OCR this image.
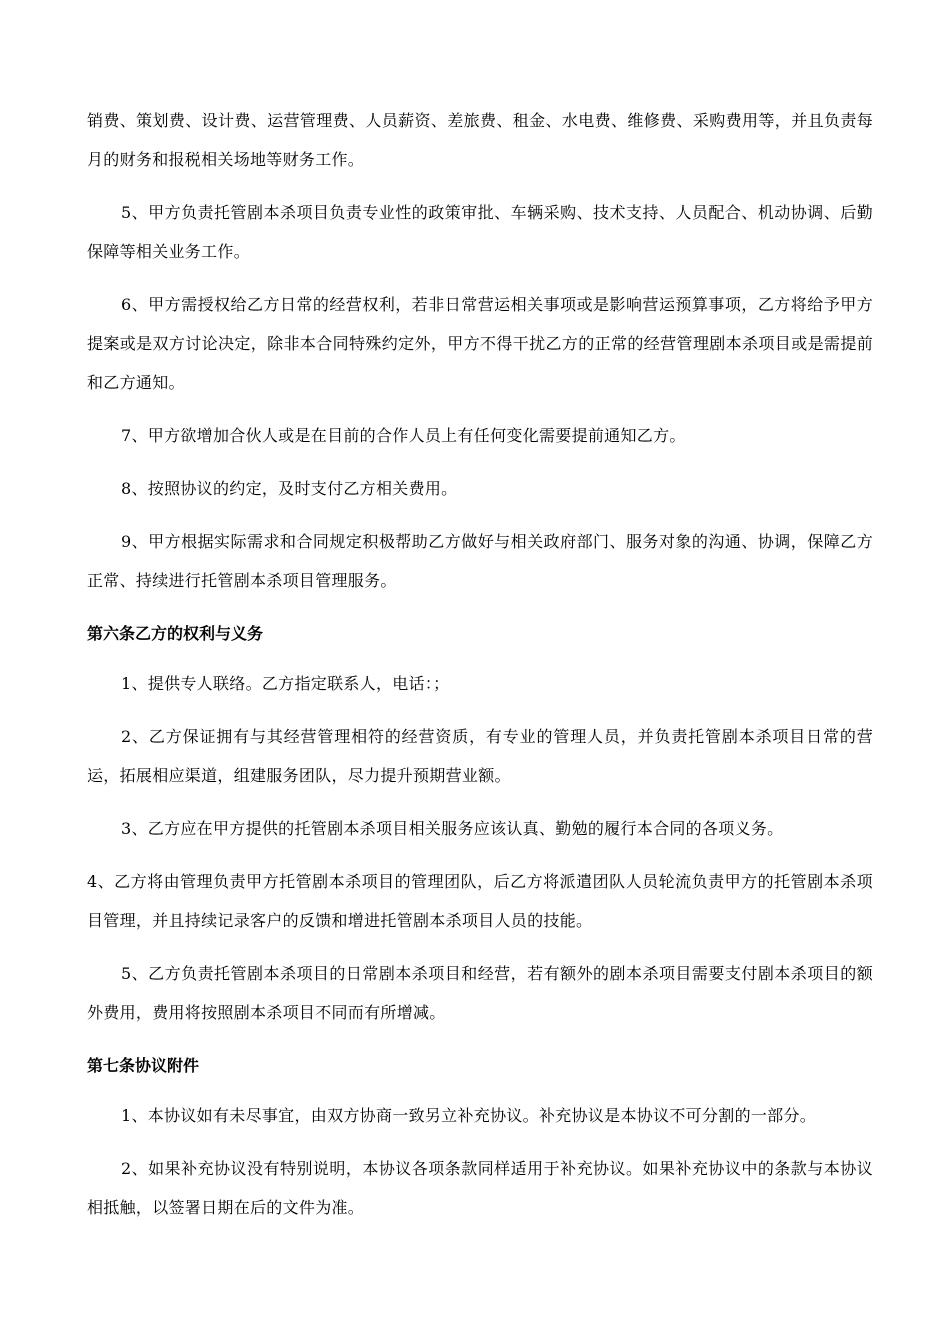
销费、策划费、设计费、运营管理费、人员薪资、差旅费、租金、水电费、维修费、采购费用等，并且负责每月的财务和报税相关场地等财务工作。

5、甲方负责托管剧本杀项目负责专业性的政策审批、车辆采购、技术支持、人员配合、机动协调、后勤保障等相关业务工作。

6、甲方需授权给乙方日常的经营权利，若非日常营运相关事项或是影响营运预算事项，乙方将给予甲方提案或是双方讨论决定，除非本合同特殊约定外，甲方不得干扰乙方的正常的经营管理剧本杀项目或是需提前和乙方通知。

7、甲方欲增加合伙人或是在目前的合作人员上有任何变化需要提前通知乙方。

8、按照协议的约定，及时支付乙方相关费用。

9、甲方根据实际需求和合同规定积极帮助乙方做好与相关政府部门、服务对象的沟通、协调，保障乙方正常、持续进行托管剧本杀项目管理服务。

第六条乙方的权利与义务

1、提供专人联络。乙方指定联系人，电话：；

2、乙方保证拥有与其经营管理相符的经营资质，有专业的管理人员，并负责托管剧本杀项目日常的营运，拓展相应渠道，组建服务团队，尽力提升预期营业额。

3、乙方应在甲方提供的托管剧本杀项目相关服务应该认真、勤勉的履行本合同的各项义务。

4、乙方将由管理负责甲方托管剧本杀项目的管理团队，后乙方将派遣团队人员轮流负责甲方的托管剧本杀项目管理，并且持续记录客户的反馈和增进托管剧本杀项目人员的技能。

5、乙方负责托管剧本杀项目的日常剧本杀项目和经营，若有额外的剧本杀项目需要支付剧本杀项目的额外费用，费用将按照剧本杀项目不同而有所增减。

第七条协议附件

1、本协议如有未尽事宜，由双方协商一致另立补充协议。补充协议是本协议不可分割的一部分。

2、如果补充协议没有特别说明，本协议各项条款同样适用于补充协议。如果补充协议中的条款与本协议相抵触，以签署日期在后的文件为准。
